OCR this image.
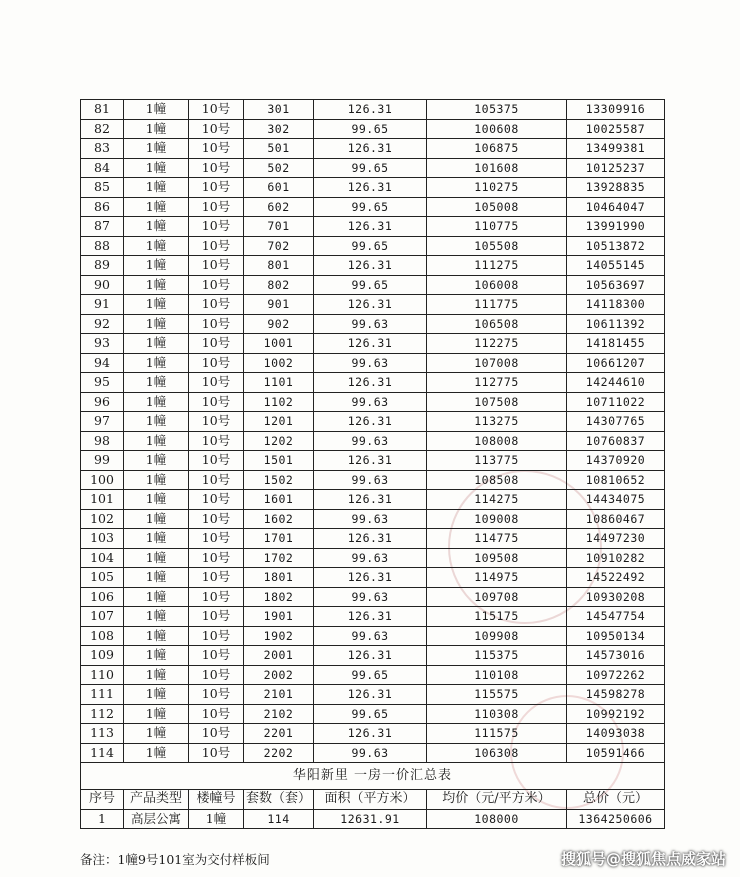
81	1幢	10号	301	126.31	105375	13309916
82	1幢	10号	302	99.65	100608	10025587
83	1幢	10号	501	126.31	106875	13499381
84	1幢	10号	502	99.65	101608	10125237
85	1幢	10号	601	126.31	110275	13928835
86	1幢	10号	602	99.65	105008	10464047
87	1幢	10号	701	126.31	110775	13991990
88	1幢	10号	702	99.65	105508	10513872
89	1幢	10号	801	126.31	111275	14055145
90	1幢	10号	802	99.65	106008	10563697
91	1幢	10号	901	126.31	111775	14118300
92	1幢	10号	902	99.63	106508	10611392
93	1幢	10号	1001	126.31	112275	14181455
94	1幢	10号	1002	99.63	107008	10661207
95	1幢	10号	1101	126.31	112775	14244610
96	1幢	10号	1102	99.63	107508	10711022
97	1幢	10号	1201	126.31	113275	14307765
98	1幢	10号	1202	99.63	108008	10760837
99	1幢	10号	1501	126.31	113775	14370920
100	1幢	10号	1502	99.63	108508	10810652
101	1幢	10号	1601	126.31	114275	14434075
102	1幢	10号	1602	99.63	109008	10860467
103	1幢	10号	1701	126.31	114775	14497230
104	1幢	10号	1702	99.63	109508	10910282
105	1幢	10号	1801	126.31	114975	14522492
106	1幢	10号	1802	99.63	109708	10930208
107	1幢	10号	1901	126.31	115175	14547754
108	1幢	10号	1902	99.63	109908	10950134
109	1幢	10号	2001	126.31	115375	14573016
110	1幢	10号	2002	99.65	110108	10972262
111	1幢	10号	2101	126.31	115575	14598278
112	1幢	10号	2102	99.65	110308	10992192
113	1幢	10号	2201	126.31	111575	14093038
114	1幢	10号	2202	99.63	106308	10591466
华阳新里 一房一价汇总表						
序号	产品类型	楼幢号	套数（套）	面积（平方米）	均价（元/平方米）	总价（元）
1	高层公寓	1幢	114	12631.91	108000	1364250606
备注：1幢9号101室为交付样板间	搜狐号@搜狐焦点威家站
